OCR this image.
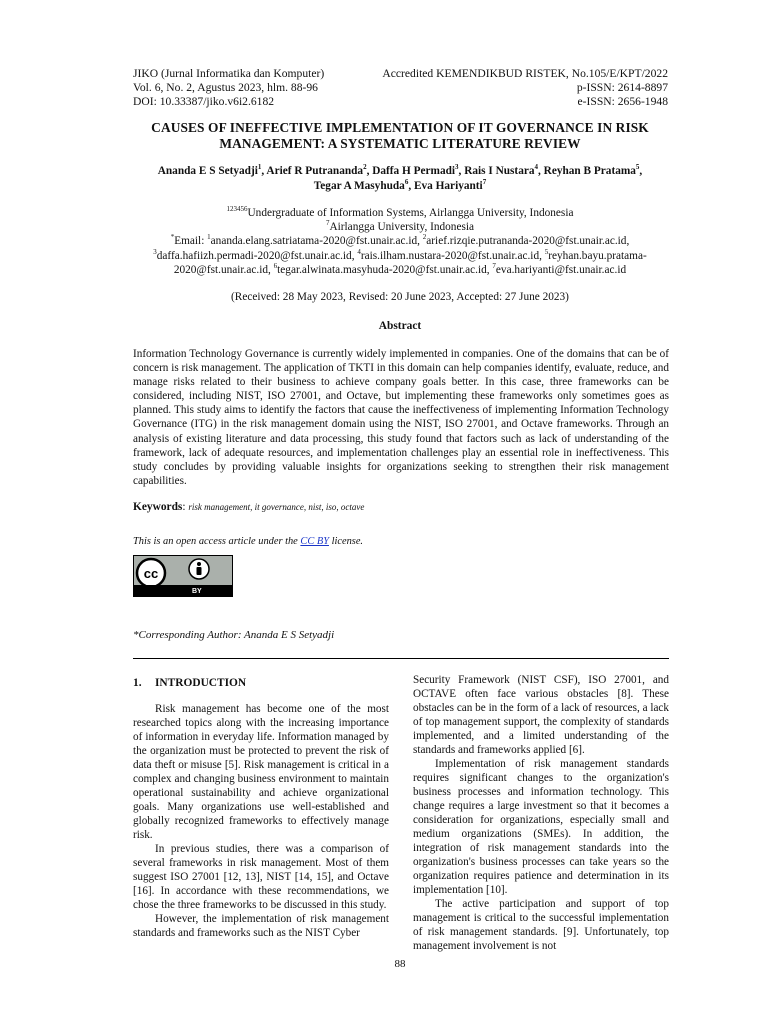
JIKO (Jurnal Informatika dan Komputer)
Vol. 6, No. 2, Agustus 2023, hlm. 88-96
DOI: 10.33387/jiko.v6i2.6182
Accredited KEMENDIKBUD RISTEK, No.105/E/KPT/2022
p-ISSN: 2614-8897
e-ISSN: 2656-1948
CAUSES OF INEFFECTIVE IMPLEMENTATION OF IT GOVERNANCE IN RISK
MANAGEMENT: A SYSTEMATIC LITERATURE REVIEW
Ananda E S Setyadji$^1$, Arief R Putrananda$^2$, Daffa H Permadi$^3$, Rais I Nustara$^4$, Reyhan B Pratama$^5$,
Tegar A Masyhuda$^6$, Eva Hariyanti$^7$
$^{123456}$Undergraduate of Information Systems, Airlangga University, Indonesia
$^7$Airlangga University, Indonesia
*Email: $^1$ananda.elang.satriatama-2020@fst.unair.ac.id, $^2$arief.rizqie.putrananda-2020@fst.unair.ac.id,
$^3$daffa.hafiizh.permadi-2020@fst.unair.ac.id, $^4$rais.ilham.nustara-2020@fst.unair.ac.id, $^5$reyhan.bayu.pratama-
2020@fst.unair.ac.id, $^6$tegar.alwinata.masyhuda-2020@fst.unair.ac.id, $^7$eva.hariyanti@fst.unair.ac.id
(Received: 28 May 2023, Revised: 20 June 2023, Accepted: 27 June 2023)
Abstract
Information Technology Governance is currently widely implemented in companies. One of the domains that can be of concern is risk management. The application of TKTI in this domain can help companies identify, evaluate, reduce, and manage risks related to their business to achieve company goals better. In this case, three frameworks can be considered, including NIST, ISO 27001, and Octave, but implementing these frameworks only sometimes goes as planned. This study aims to identify the factors that cause the ineffectiveness of implementing Information Technology Governance (ITG) in the risk management domain using the NIST, ISO 27001, and Octave frameworks. Through an analysis of existing literature and data processing, this study found that factors such as lack of understanding of the framework, lack of adequate resources, and implementation challenges play an essential role in ineffectiveness. This study concludes by providing valuable insights for organizations seeking to strengthen their risk management capabilities.
Keywords: risk management, it governance, nist, iso, octave
This is an open access article under the CC BY license.
cc
BY
*Corresponding Author: Ananda E S Setyadji
1. INTRODUCTION

Risk management has become one of the most researched topics along with the increasing importance of information in everyday life. Information managed by the organization must be protected to prevent the risk of data theft or misuse [5]. Risk management is critical in a complex and changing business environment to maintain operational sustainability and achieve organizational goals. Many organizations use well-established and globally recognized frameworks to effectively manage risk.

In previous studies, there was a comparison of several frameworks in risk management. Most of them suggest ISO 27001 [12, 13], NIST [14, 15], and Octave [16]. In accordance with these recommendations, we chose the three frameworks to be discussed in this study.

However, the implementation of risk management standards and frameworks such as the NIST Cyber

Security Framework (NIST CSF), ISO 27001, and OCTAVE often face various obstacles [8]. These obstacles can be in the form of a lack of resources, a lack of top management support, the complexity of standards implemented, and a limited understanding of the standards and frameworks applied [6].

Implementation of risk management standards requires significant changes to the organization's business processes and information technology. This change requires a large investment so that it becomes a consideration for organizations, especially small and medium organizations (SMEs). In addition, the integration of risk management standards into the organization's business processes can take years so the organization requires patience and determination in its implementation [10].

The active participation and support of top management is critical to the successful implementation of risk management standards. [9]. Unfortunately, top management involvement is not

88
